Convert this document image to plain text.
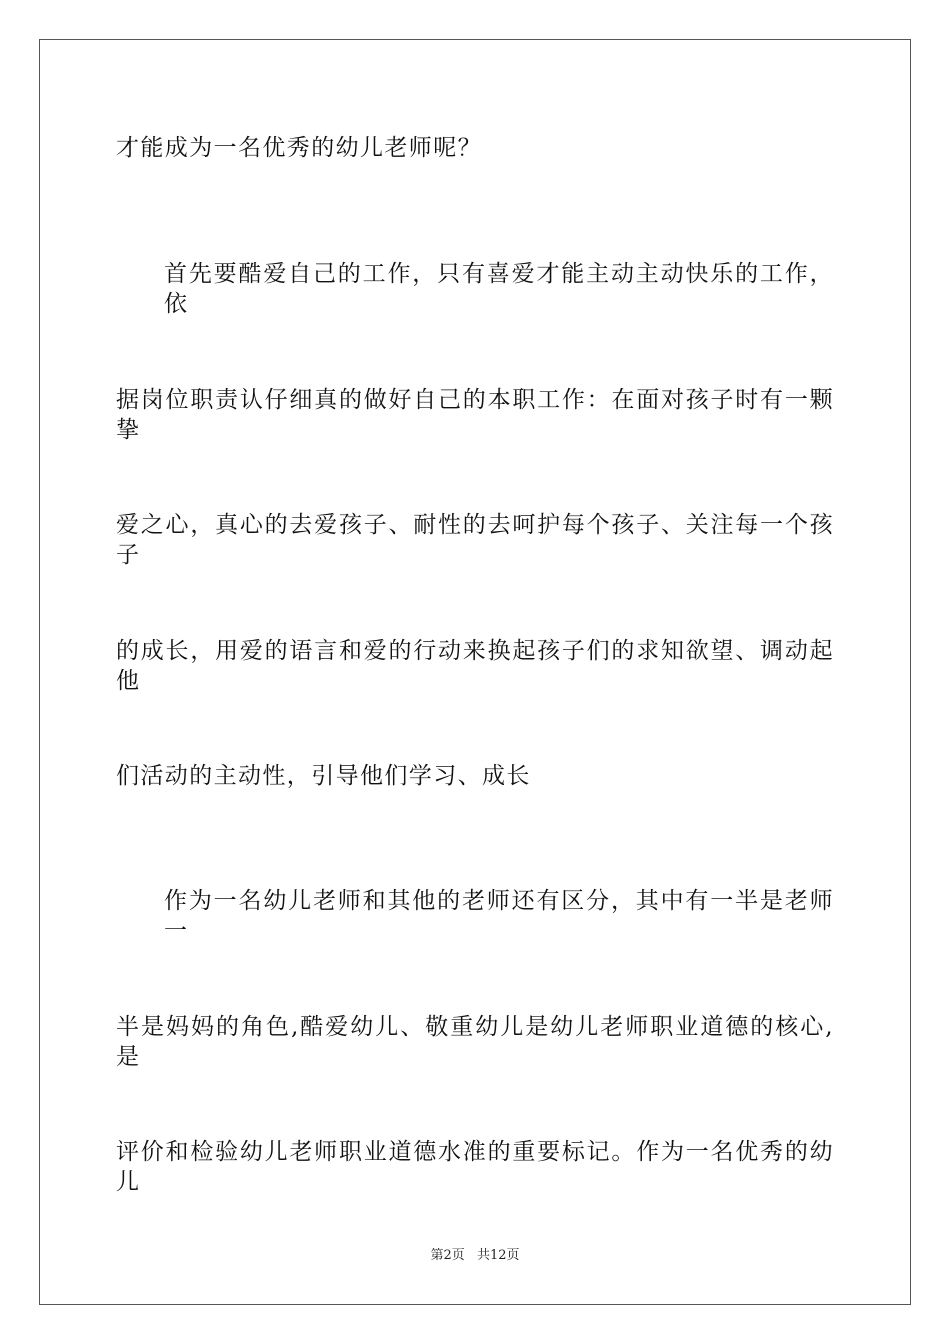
才能成为一名优秀的幼儿老师呢？
首先要酷爱自己的工作，只有喜爱才能主动主动快乐的工作，依
据岗位职责认仔细真的做好自己的本职工作：在面对孩子时有一颗挚
爱之心，真心的去爱孩子、耐性的去呵护每个孩子、关注每一个孩子
的成长，用爱的语言和爱的行动来换起孩子们的求知欲望、调动起他
们活动的主动性，引导他们学习、成长
作为一名幼儿老师和其他的老师还有区分，其中有一半是老师一
半是妈妈的角色,酷爱幼儿、敬重幼儿是幼儿老师职业道德的核心,是
评价和检验幼儿老师职业道德水准的重要标记。作为一名优秀的幼儿
第2页 共12页
